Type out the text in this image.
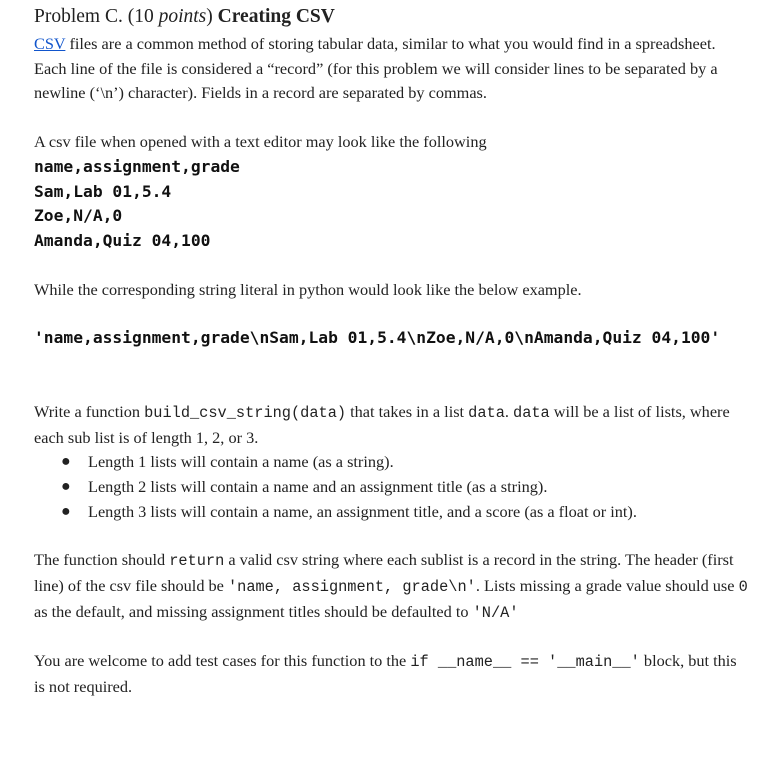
Problem C. (10 points) Creating CSV

CSV files are a common method of storing tabular data, similar to what you would find in a spreadsheet. Each line of the file is considered a “record” (for this problem we will consider lines to be separated by a newline (‘\n’) character). Fields in a record are separated by commas.

A csv file when opened with a text editor may look like the following

name,assignment,grade
Sam,Lab 01,5.4
Zoe,N/A,0
Amanda,Quiz 04,100

While the corresponding string literal in python would look like the below example.

'name,assignment,grade\nSam,Lab 01,5.4\nZoe,N/A,0\nAmanda,Quiz 04,100'

Write a function build_csv_string(data) that takes in a list data. data will be a list of lists, where each sub list is of length 1, 2, or 3.

● Length 1 lists will contain a name (as a string).
● Length 2 lists will contain a name and an assignment title (as a string).
● Length 3 lists will contain a name, an assignment title, and a score (as a float or int).

The function should return a valid csv string where each sublist is a record in the string. The header (first line) of the csv file should be 'name, assignment, grade\n'. Lists missing a grade value should use 0 as the default, and missing assignment titles should be defaulted to 'N/A'

You are welcome to add test cases for this function to the if __name__ == '__main__' block, but this is not required.
